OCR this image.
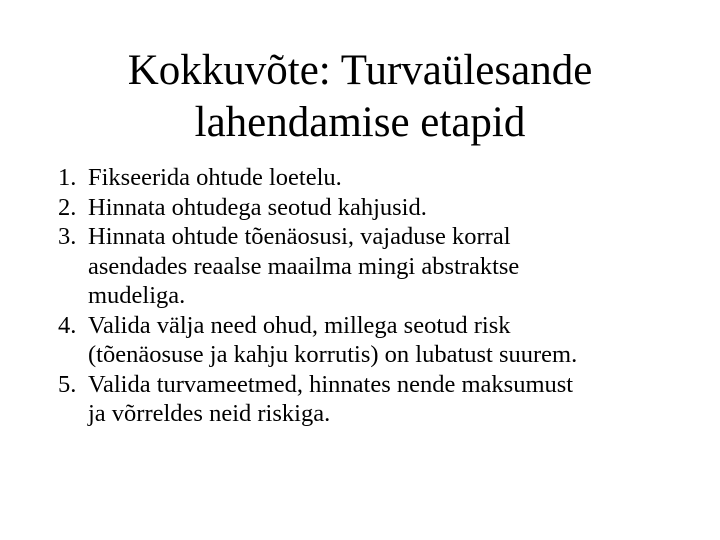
Kokkuvõte: Turvaülesande
lahendamise etapid
1. Fikseerida ohtude loetelu.
2. Hinnata ohtudega seotud kahjusid.
3. Hinnata ohtude tõenäosusi, vajaduse korral
asendades reaalse maailma mingi abstraktse
mudeliga.
4. Valida välja need ohud, millega seotud risk
(tõenäosuse ja kahju korrutis) on lubatust suurem.
5. Valida turvameetmed, hinnates nende maksumust
ja võrreldes neid riskiga.
